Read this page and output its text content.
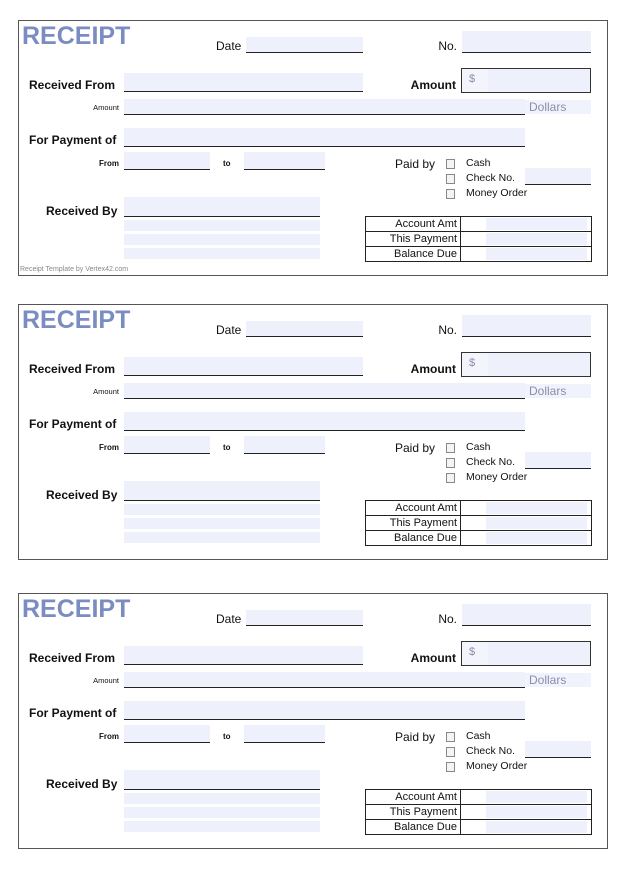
RECEIPT	Date	No.
Received From	Amount $
Amount	Dollars
For Payment of
From	to	Paid by	Cash
Check No.
Money Order
Received By
Account Amt	

This Payment	

Balance Due	
Receipt Template by Vertex42.com
RECEIPT	Date	No.
Received From	Amount $
Amount	Dollars
For Payment of
From	to	Paid by	Cash
Check No.
Money Order
Received By
Account Amt	

This Payment	

Balance Due	
RECEIPT	Date	No.
Received From	Amount $
Amount	Dollars
For Payment of
From	to	Paid by	Cash
Check No.
Money Order
Received By
Account Amt	

This Payment	

Balance Due	
